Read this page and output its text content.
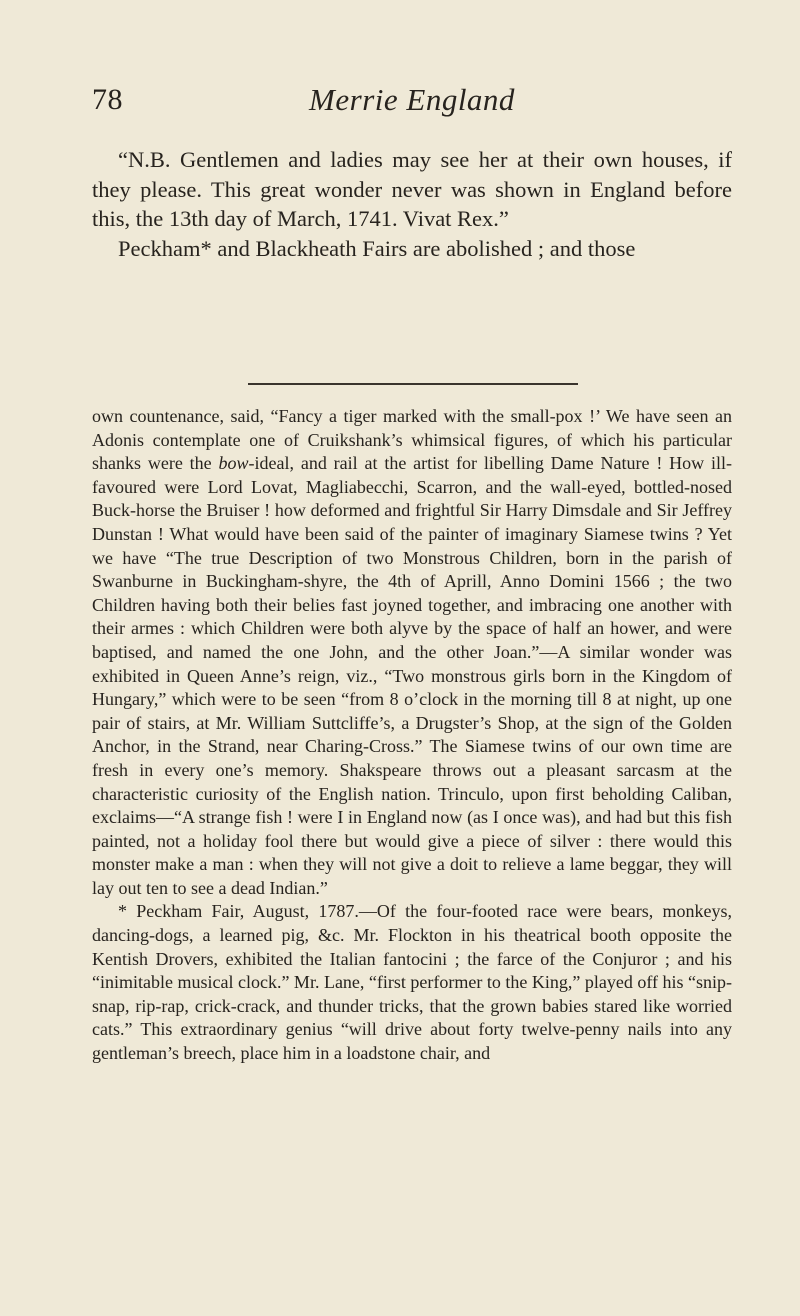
78	Merrie England

“N.B. Gentlemen and ladies may see her at their own houses, if they please. This great wonder never was shown in England before this, the 13th day of March, 1741. Vivat Rex.”

Peckham* and Blackheath Fairs are abolished ; and those

own countenance, said, “Fancy a tiger marked with the small-pox !’ We have seen an Adonis contemplate one of Cruikshank’s whimsical figures, of which his particular shanks were the bow-ideal, and rail at the artist for libelling Dame Nature ! How ill-favoured were Lord Lovat, Magliabecchi, Scarron, and the wall-eyed, bottled-nosed Buck-horse the Bruiser ! how deformed and frightful Sir Harry Dimsdale and Sir Jeffrey Dunstan ! What would have been said of the painter of imaginary Siamese twins ? Yet we have “The true Description of two Monstrous Children, born in the parish of Swanburne in Buckingham-shyre, the 4th of Aprill, Anno Domini 1566 ; the two Children having both their belies fast joyned together, and imbracing one another with their armes : which Children were both alyve by the space of half an hower, and were baptised, and named the one John, and the other Joan.”—A similar wonder was exhibited in Queen Anne’s reign, viz., “Two monstrous girls born in the Kingdom of Hungary,” which were to be seen “from 8 o’clock in the morning till 8 at night, up one pair of stairs, at Mr. William Suttcliffe’s, a Drugster’s Shop, at the sign of the Golden Anchor, in the Strand, near Charing-Cross.” The Siamese twins of our own time are fresh in every one’s memory. Shakspeare throws out a pleasant sarcasm at the characteristic curiosity of the English nation. Trinculo, upon first beholding Caliban, exclaims—“A strange fish ! were I in England now (as I once was), and had but this fish painted, not a holiday fool there but would give a piece of silver : there would this monster make a man : when they will not give a doit to relieve a lame beggar, they will lay out ten to see a dead Indian.”

* Peckham Fair, August, 1787.—Of the four-footed race were bears, monkeys, dancing-dogs, a learned pig, &c. Mr. Flockton in his theatrical booth opposite the Kentish Drovers, exhibited the Italian fantocini ; the farce of the Conjuror ; and his “inimitable musical clock.” Mr. Lane, “first performer to the King,” played off his “snip-snap, rip-rap, crick-crack, and thunder tricks, that the grown babies stared like worried cats.” This extraordinary genius “will drive about forty twelve-penny nails into any gentleman’s breech, place him in a loadstone chair, and
